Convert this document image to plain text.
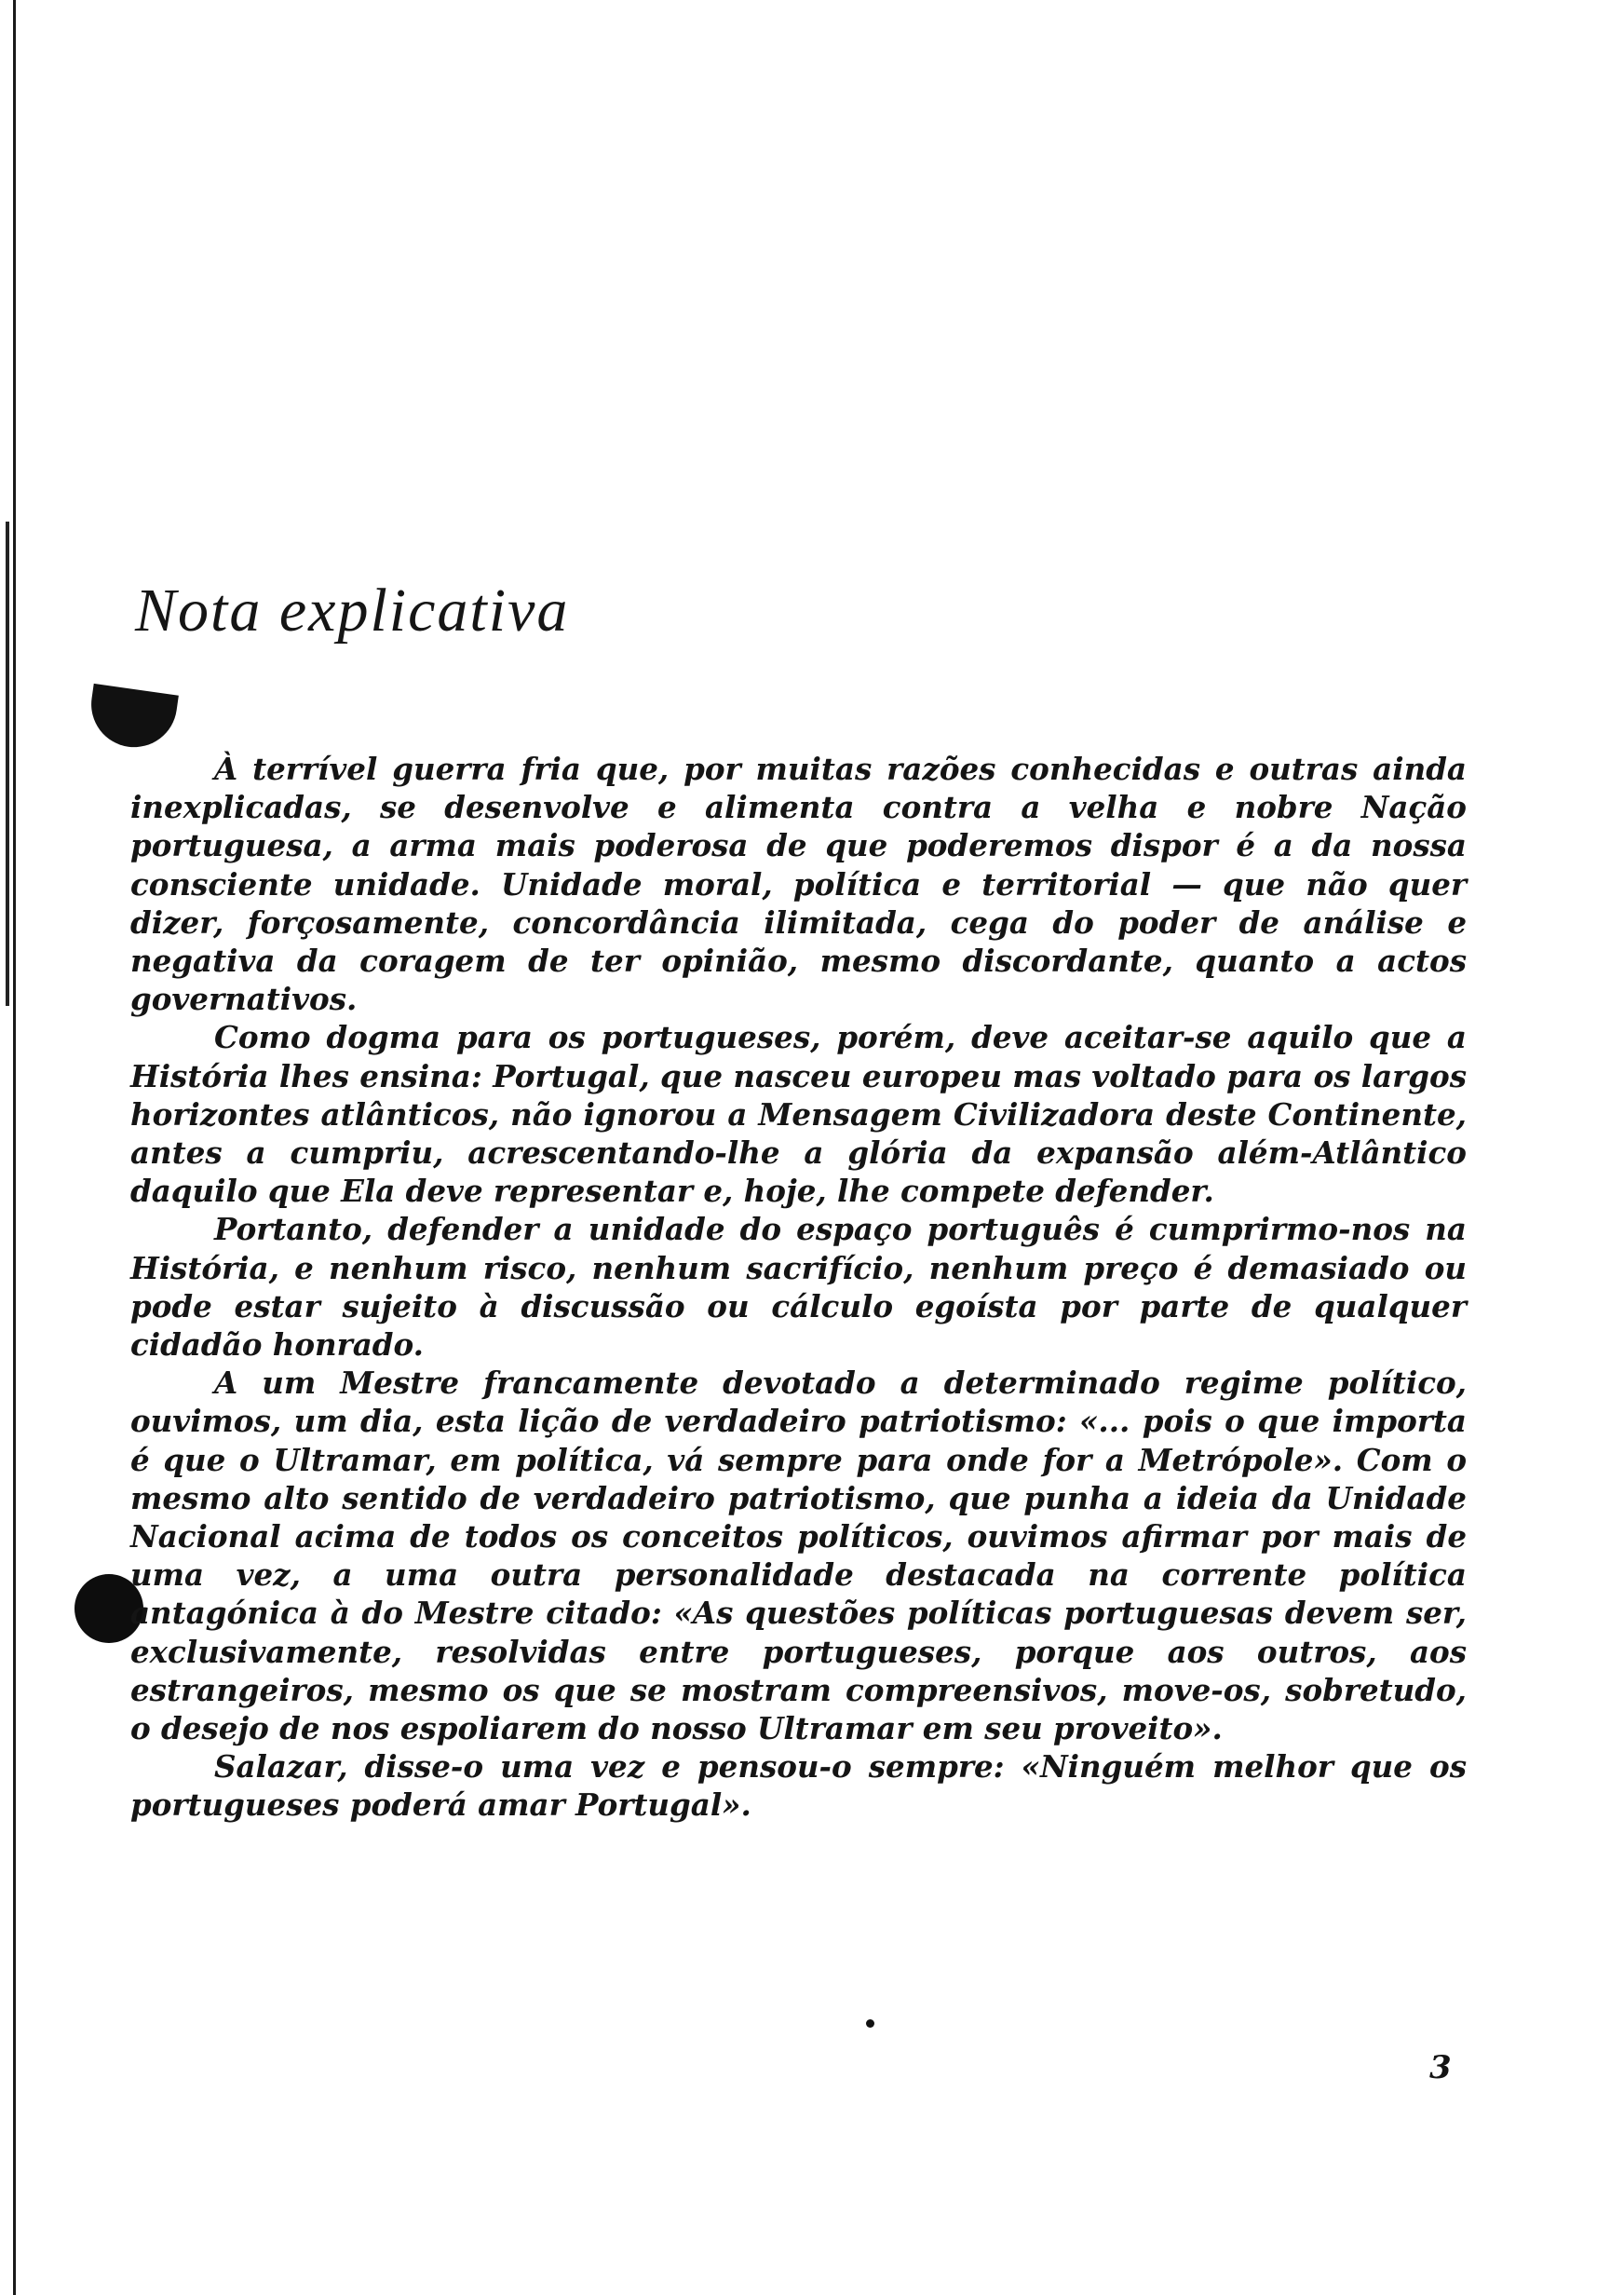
Nota explicativa

À terrível guerra fria que, por muitas razões conhecidas e outras ainda inexplicadas, se desenvolve e alimenta contra a velha e nobre Nação portuguesa, a arma mais poderosa de que poderemos dispor é a da nossa consciente unidade. Unidade moral, política e territorial — que não quer dizer, forçosamente, concordância ilimitada, cega do poder de análise e negativa da coragem de ter opinião, mesmo discordante, quanto a actos governativos.

Como dogma para os portugueses, porém, deve aceitar-se aquilo que a História lhes ensina: Portugal, que nasceu europeu mas voltado para os largos horizontes atlânticos, não ignorou a Mensagem Civilizadora deste Continente, antes a cumpriu, acrescentando-lhe a glória da expansão além-Atlântico daquilo que Ela deve representar e, hoje, lhe compete defender.

Portanto, defender a unidade do espaço português é cumprirmo-nos na História, e nenhum risco, nenhum sacrifício, nenhum preço é demasiado ou pode estar sujeito à discussão ou cálculo egoísta por parte de qualquer cidadão honrado.

A um Mestre francamente devotado a determinado regime político, ouvimos, um dia, esta lição de verdadeiro patriotismo: «... pois o que importa é que o Ultramar, em política, vá sempre para onde for a Metrópole». Com o mesmo alto sentido de verdadeiro patriotismo, que punha a ideia da Unidade Nacional acima de todos os conceitos políticos, ouvimos afirmar por mais de uma vez, a uma outra personalidade destacada na corrente política antagónica à do Mestre citado: «As questões políticas portuguesas devem ser, exclusivamente, resolvidas entre portugueses, porque aos outros, aos estrangeiros, mesmo os que se mostram compreensivos, move-os, sobretudo, o desejo de nos espoliarem do nosso Ultramar em seu proveito».

Salazar, disse-o uma vez e pensou-o sempre: «Ninguém melhor que os portugueses poderá amar Portugal».

3
